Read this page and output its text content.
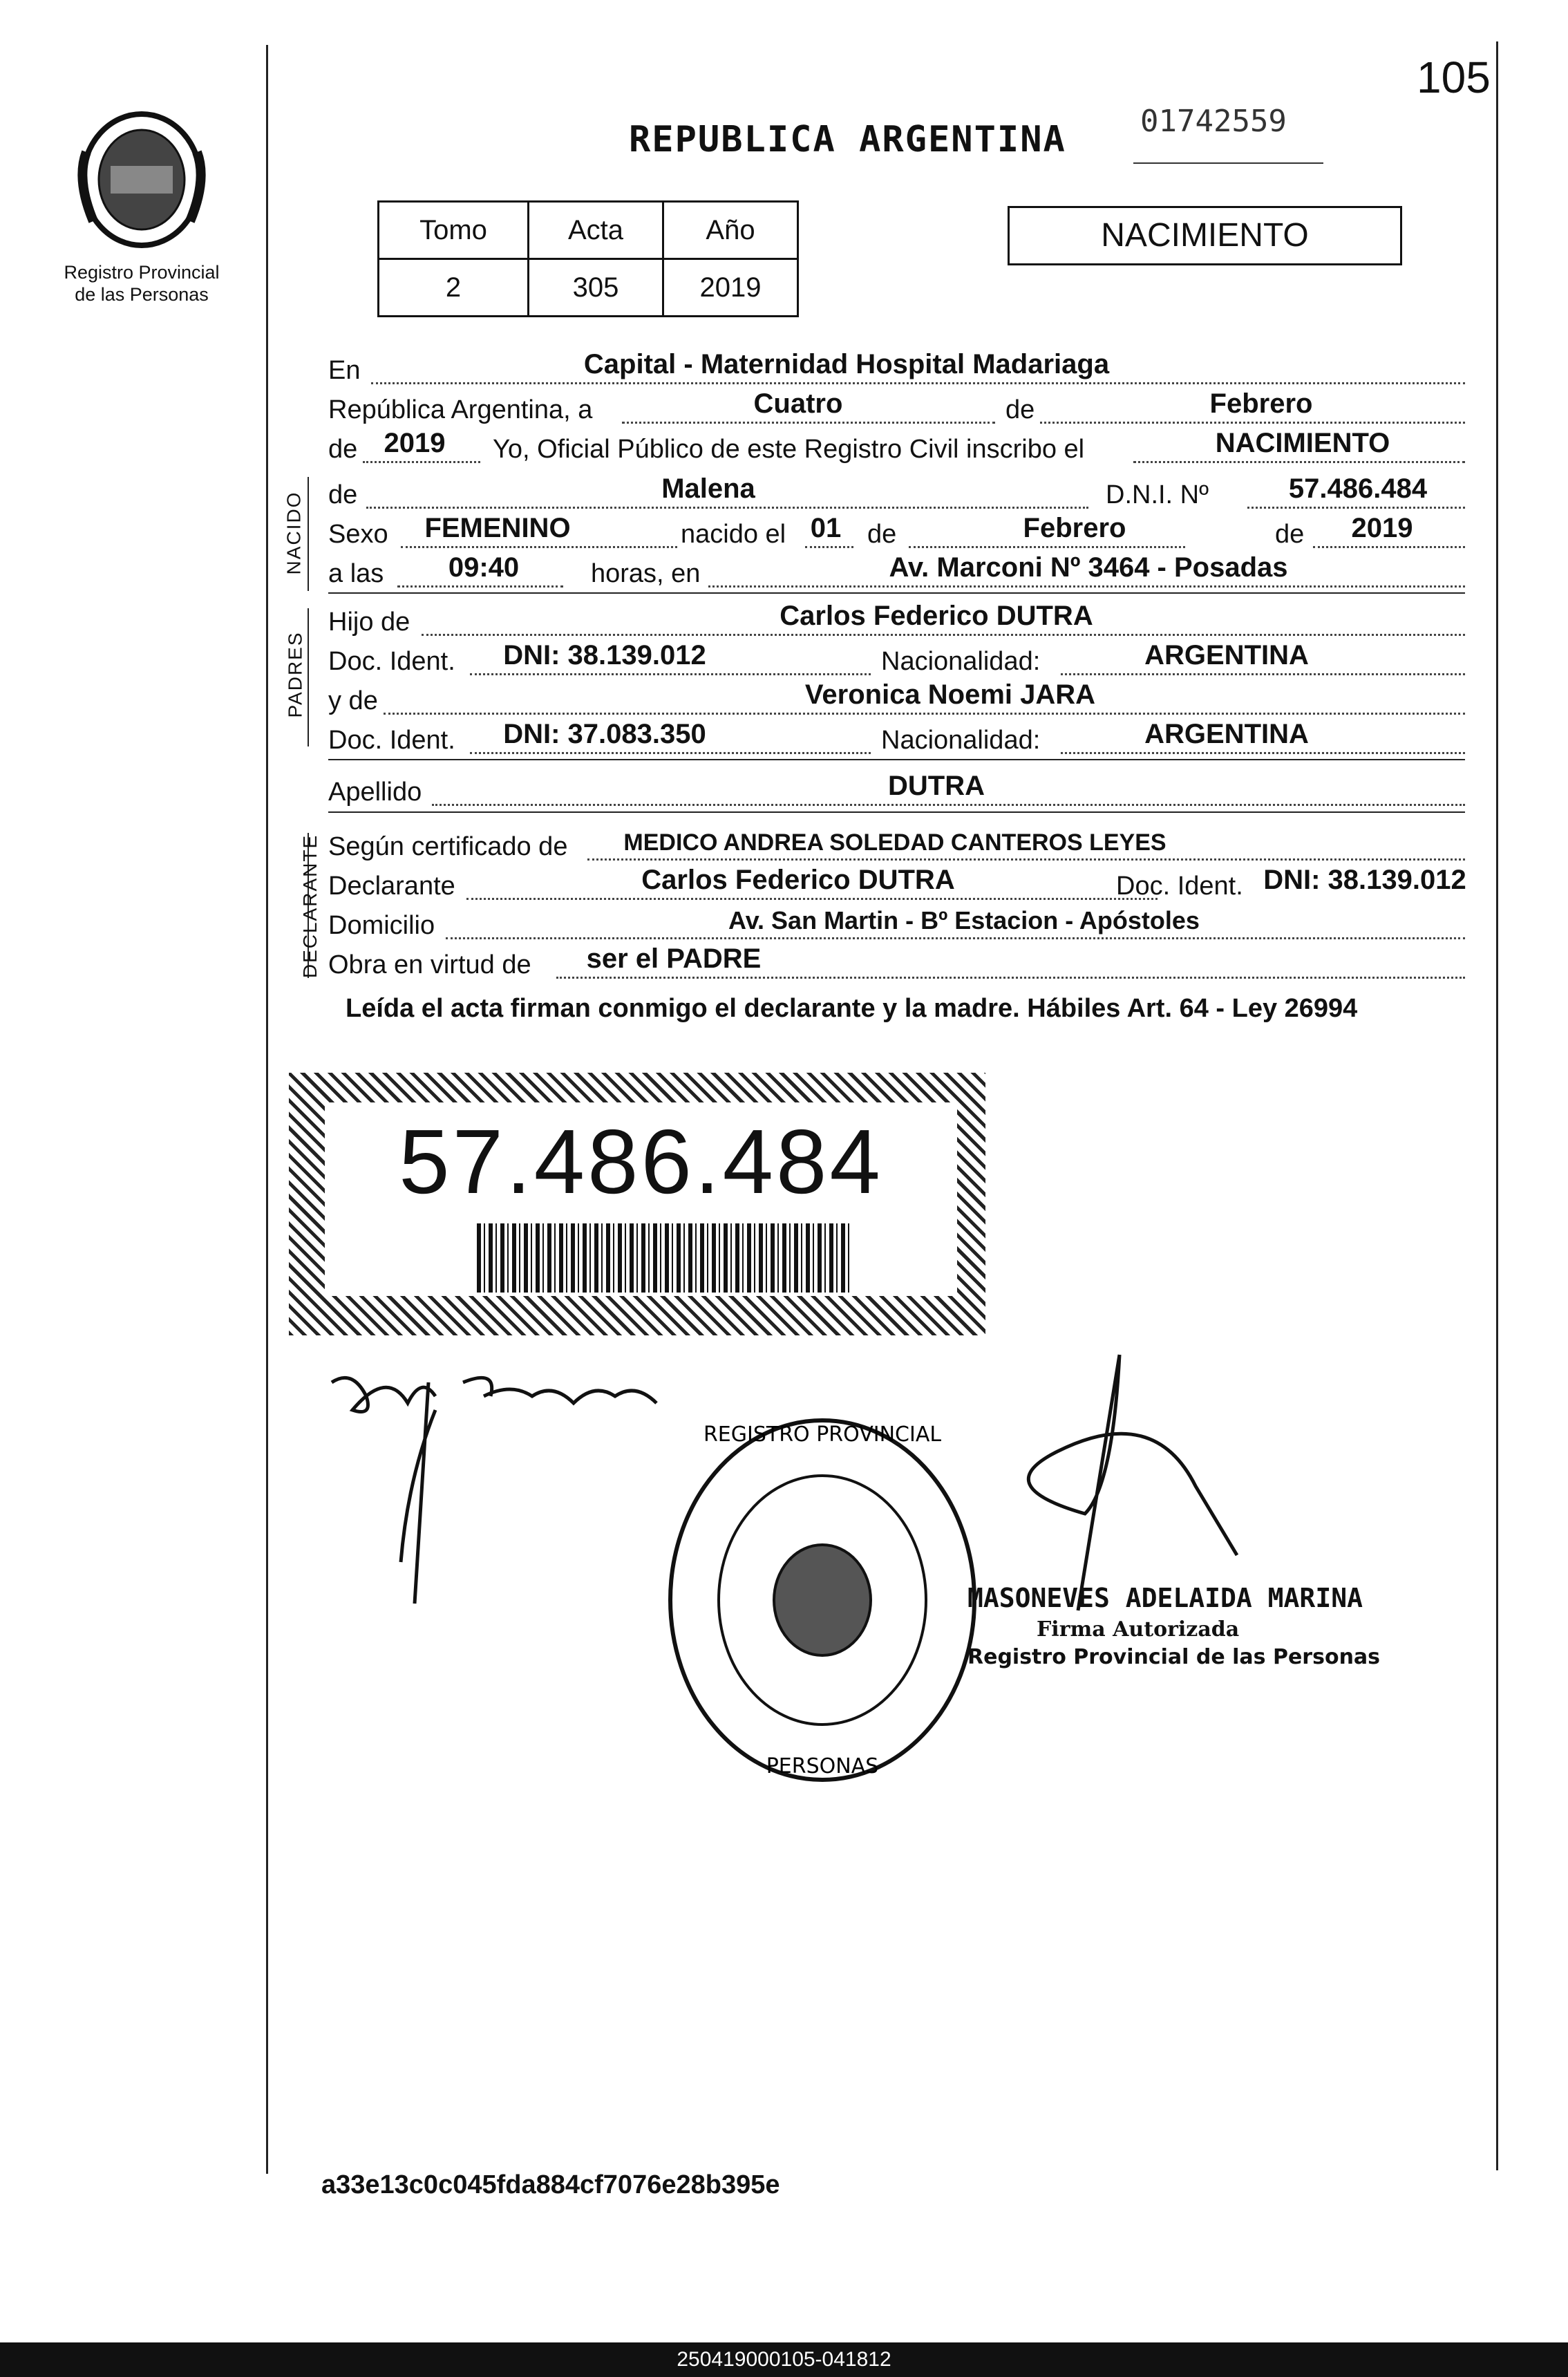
105
Registro Provincial
de las Personas
REPUBLICA ARGENTINA 01742559
Tomo	Acta	Año
2	305	2019
NACIMIENTO
En	Capital - Maternidad Hospital Madariaga
República Argentina, a	Cuatro	de	Febrero
de 2019	Yo, Oficial Público de este Registro Civil inscribo el	NACIMIENTO
NACIDO de	Malena	D.N.I. Nº	57.486.484
Sexo	FEMENINO	nacido el 01 de	Febrero	de	2019
a las	09:40	horas, en	Av. Marconi Nº 3464 - Posadas
PADRES
Hijo de	Carlos Federico DUTRA
Doc. Ident.	DNI: 38.139.012	Nacionalidad:	ARGENTINA
y de	Veronica Noemi JARA
Doc. Ident.	DNI: 37.083.350	Nacionalidad:	ARGENTINA
Apellido	DUTRA
DECLARANTE Según certificado de	MEDICO ANDREA SOLEDAD CANTEROS LEYES
Declarante	Carlos Federico DUTRA	Doc. Ident. DNI: 38.139.012
Domicilio	Av. San Martin - Bº Estacion - Apóstoles
Obra en virtud de	ser el PADRE
Leída el acta firman conmigo el declarante y la madre. Hábiles Art. 64 - Ley 26994
57.486.484
REGISTRO PROVINCIAL
PERSONAS
MASONEVES ADELAIDA MARINA
Firma Autorizada
Registro Provincial de las Personas
a33e13c0c045fda884cf7076e28b395e
250419000105-041812
